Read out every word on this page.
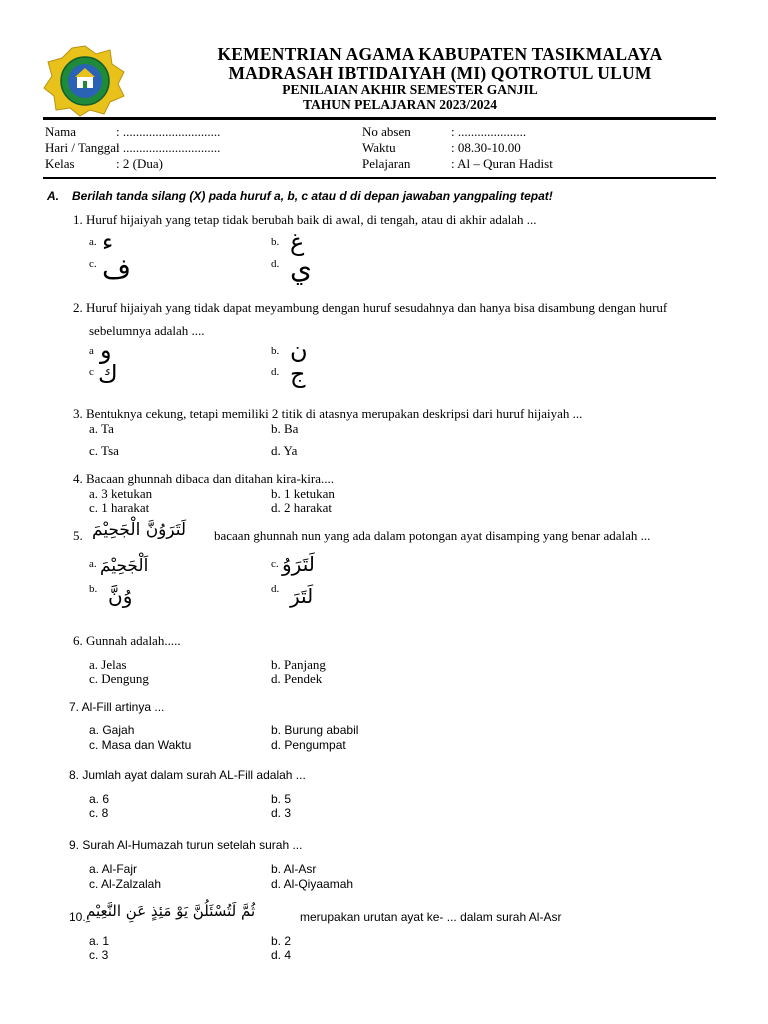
KEMENTRIAN AGAMA KABUPATEN TASIKMALAYA
MADRASAH IBTIDAIYAH (MI) QOTROTUL ULUM
PENILAIAN AKHIR SEMESTER GANJIL
TAHUN PELAJARAN 2023/2024
Nama	: ..............................
Hari / Tanggal
: ..............................
Kelas	: 2 (Dua)
No absen	: .....................
Waktu	: 08.30-10.00
Pelajaran	: Al – Quran Hadist
A. Berilah tanda silang (X) pada huruf a, b, c atau d di depan jawaban yangpaling tepat!
1. Huruf hijaiyah yang tetap tidak berubah baik di awal, di tengah, atau di akhir adalah ...
a. ء	b. غ
c. ف	d. ي
2. Huruf hijaiyah yang tidak dapat meyambung dengan huruf sesudahnya dan hanya bisa disambung dengan huruf
sebelumnya adalah ....
a و	b. ن
c ك	d. ج
3. Bentuknya cekung, tetapi memiliki 2 titik di atasnya merupakan deskripsi dari huruf hijaiyah ...
a. Ta	b. Ba
c. Tsa	d. Ya
4. Bacaan ghunnah dibaca dan ditahan kira-kira....
a. 3 ketukan	b. 1 ketukan
c. 1 harakat	d. 2 harakat
5. لَتَرَوُنَّ الْجَحِيْمَ bacaan ghunnah nun yang ada dalam potongan ayat disamping yang benar adalah ...
a. اَلْجَحِيْمَ	c. لَتَرَوُ
b. وُنَّ	d. لَتَرَ
6. Gunnah adalah.....
a. Jelas	b. Panjang
c. Dengung	d. Pendek
7. Al-Fill artinya ...
a. Gajah	b. Burung ababil
c. Masa dan Waktu	d. Pengumpat
8. Jumlah ayat dalam surah AL-Fill adalah ...
a. 6	b. 5
c. 8	d. 3
9. Surah Al-Humazah turun setelah surah ...
a. Al-Fajr	b. Al-Asr
c. Al-Zalzalah	d. Al-Qiyaamah
10. ثُمَّ لَتُسْئَلُنَّ يَوْ مَئِذٍ عَنِ النَّعِيْمِ	merupakan urutan ayat ke- ... dalam surah Al-Asr
a. 1	b. 2
c. 3	d. 4
